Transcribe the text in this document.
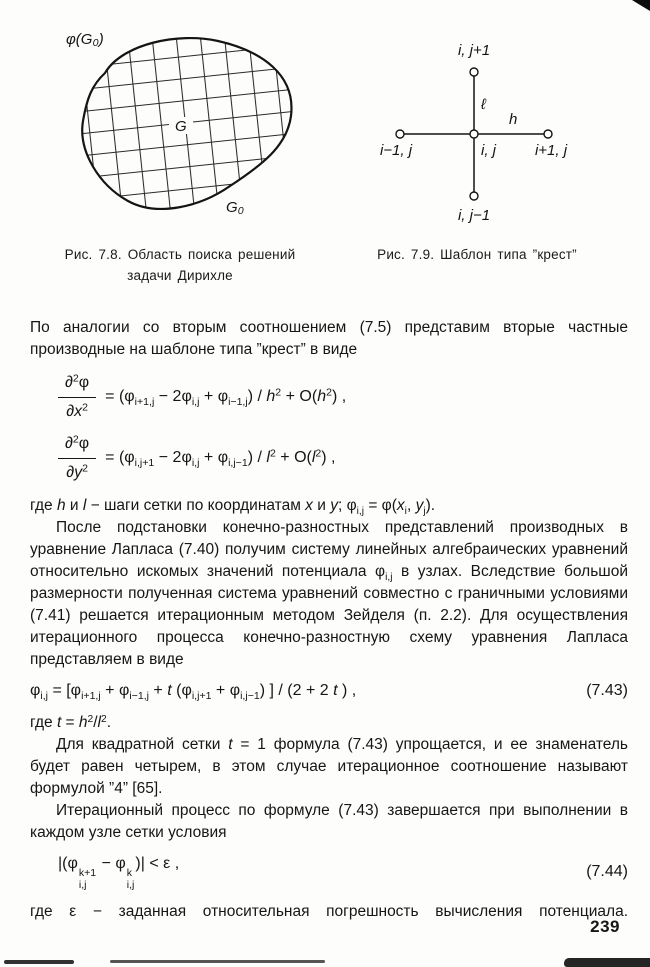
φ(G₀)
G
G₀
Рис. 7.8. Область поиска решений
задачи Дирихле
i, j+1
ℓ
h
i−1, j	i, j	i+1, j
i, j−1
Рис. 7.9. Шаблон типа ”крест”

По аналогии со вторым соотношением (7.5) представим вторые частные производные на шаблоне типа ”крест” в виде

$\frac{\partial^2\varphi}{\partial x^2} = (\varphi_{i+1,j} - 2\varphi_{i,j} + \varphi_{i-1,j}) / h^2 + O(h^2)$ ,
$\frac{\partial^2\varphi}{\partial y^2} = (\varphi_{i,j+1} - 2\varphi_{i,j} + \varphi_{i,j-1}) / l^2 + O(l^2)$ ,

где h и l − шаги сетки по координатам x и y; $\varphi_{i,j} = \varphi(x_i$, $y_j$).

После подстановки конечно-разностных представлений производных в уравнение Лапласа (7.40) получим систему линейных алгебраических уравнений относительно искомых значений потенциала $\varphi_{i,j}$ в узлах. Вследствие большой размерности полученная система уравнений совместно с граничными условиями (7.41) решается итерационным методом Зейделя (п. 2.2). Для осуществления итерационного процесса конечно-разностную схему уравнения Лапласа представляем в виде

$\varphi_{i,j} = [\varphi_{i+1,j} + \varphi_{i-1,j} + t$ $(\varphi_{i,j+1} + \varphi_{i,j-1})$ ] / (2 + 2 t ) ,	(7.43)

где $t = h^2/l^2$.

Для квадратной сетки t = 1 формула (7.43) упрощается, и ее знаменатель будет равен четырем, в этом случае итерационное соотношение называют формулой ”4” [65].

Итерационный процесс по формуле (7.43) завершается при выполнении в каждом узле сетки условия

|(φ
k+1
i,j
− φ
k
i,j
)| < ε ,	(7.44)

где ε − заданная относительная погрешность вычисления потенциала.

239
